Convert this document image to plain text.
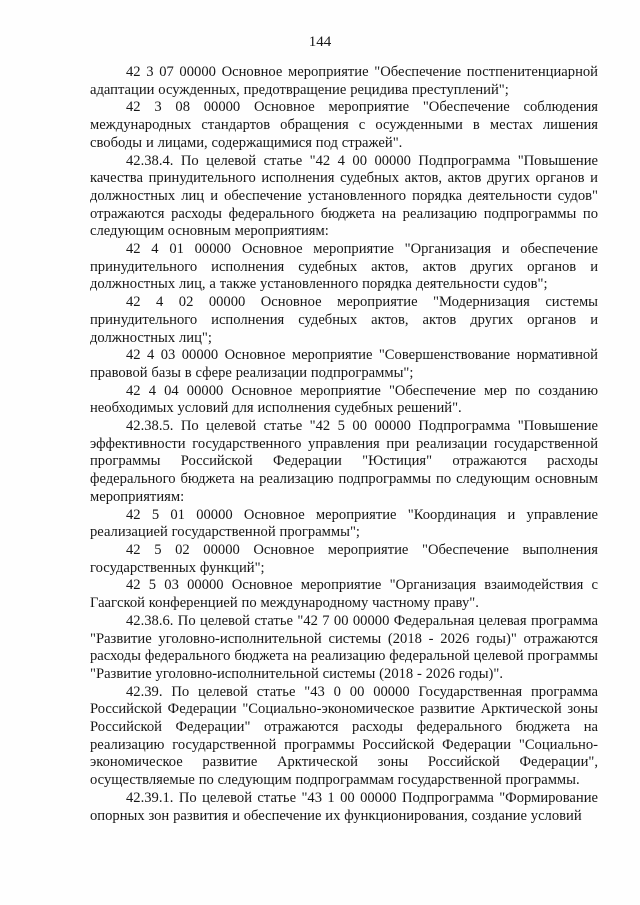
144

42 3 07 00000 Основное мероприятие "Обеспечение постпенитенциарной адаптации осужденных, предотвращение рецидива преступлений";

42 3 08 00000 Основное мероприятие "Обеспечение соблюдения международных стандартов обращения с осужденными в местах лишения свободы и лицами, содержащимися под стражей".

42.38.4. По целевой статье "42 4 00 00000 Подпрограмма "Повышение качества принудительного исполнения судебных актов, актов других органов и должностных лиц и обеспечение установленного порядка деятельности судов" отражаются расходы федерального бюджета на реализацию подпрограммы по следующим основным мероприятиям:

42 4 01 00000 Основное мероприятие "Организация и обеспечение принудительного исполнения судебных актов, актов других органов и должностных лиц, а также установленного порядка деятельности судов";

42 4 02 00000 Основное мероприятие "Модернизация системы принудительного исполнения судебных актов, актов других органов и должностных лиц";

42 4 03 00000 Основное мероприятие "Совершенствование нормативной правовой базы в сфере реализации подпрограммы";

42 4 04 00000 Основное мероприятие "Обеспечение мер по созданию необходимых условий для исполнения судебных решений".

42.38.5. По целевой статье "42 5 00 00000 Подпрограмма "Повышение эффективности государственного управления при реализации государственной программы Российской Федерации "Юстиция" отражаются расходы федерального бюджета на реализацию подпрограммы по следующим основным мероприятиям:

42 5 01 00000 Основное мероприятие "Координация и управление реализацией государственной программы";

42 5 02 00000 Основное мероприятие "Обеспечение выполнения государственных функций";

42 5 03 00000 Основное мероприятие "Организация взаимодействия с Гаагской конференцией по международному частному праву".

42.38.6. По целевой статье "42 7 00 00000 Федеральная целевая программа "Развитие уголовно-исполнительной системы (2018 - 2026 годы)" отражаются расходы федерального бюджета на реализацию федеральной целевой программы "Развитие уголовно-исполнительной системы (2018 - 2026 годы)".

42.39. По целевой статье "43 0 00 00000 Государственная программа Российской Федерации "Социально-экономическое развитие Арктической зоны Российской Федерации" отражаются расходы федерального бюджета на реализацию государственной программы Российской Федерации "Социально-экономическое развитие Арктической зоны Российской Федерации", осуществляемые по следующим подпрограммам государственной программы.

42.39.1. По целевой статье "43 1 00 00000 Подпрограмма "Формирование опорных зон развития и обеспечение их функционирования, создание условий
